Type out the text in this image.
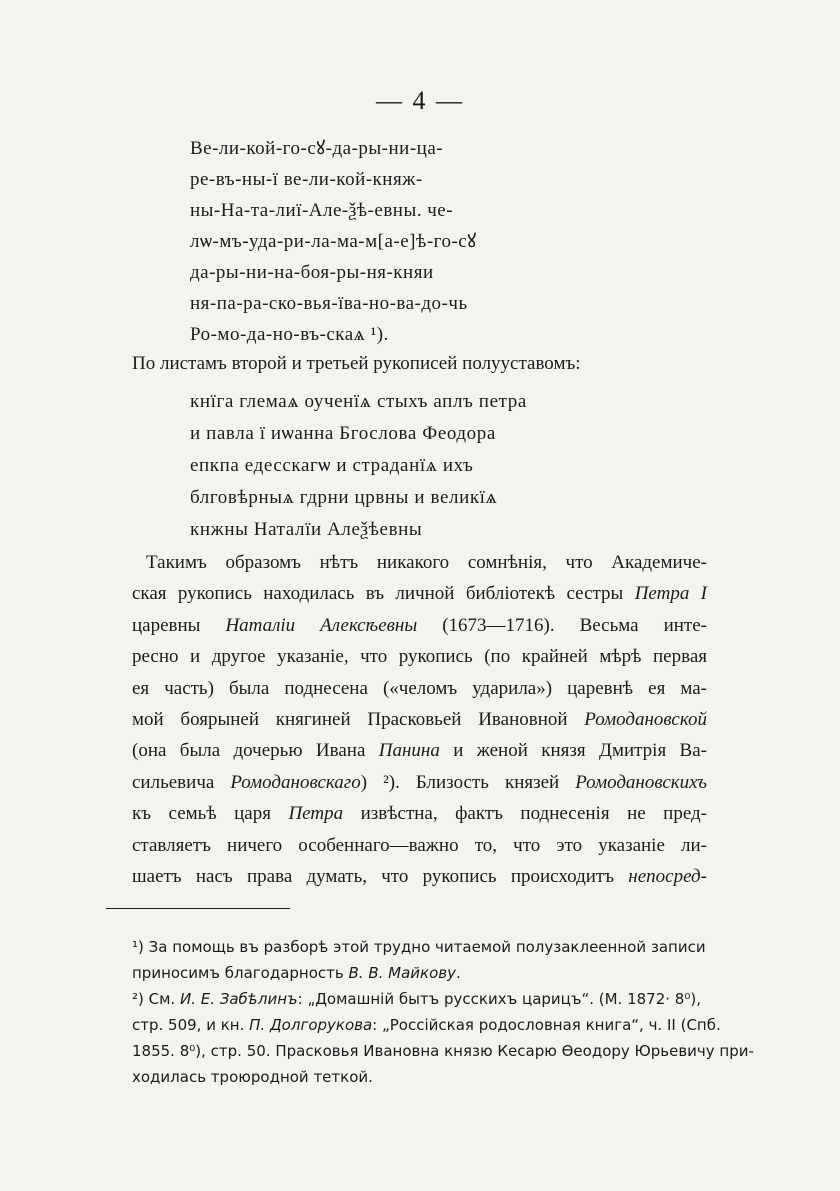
— 4 —
Ве-ли-кой-го-сꙋ-да-ры-ни-ца-
ре-въ-ны-ї ве-ли-кой-княж-
ны-На-та-лиї-Але-ѯѣ-евны. че-
лѡ-мъ-уда-ри-ла-ма-м[а-е]ѣ-го-сꙋ
да-ры-ни-на-боя-ры-ня-княи
ня-па-ра-ско-вья-їва-но-ва-до-чь
Ро-мо-да-но-въ-ска⁠ѧ ¹).
По листамъ второй и третьей рукописей полууставомъ:
кнїга глемаѧ оученїѧ стыхъ аплъ петра
и павла ї иѡанна Бгослова Феодора
епкпа едесскагѡ и страданїѧ ихъ
блговѣрныѧ гдрни црвны и великїѧ
кнжны Наталїи Алеѯѣевны
Такимъ образомъ нѣтъ никакого сомнѣнія, что Академиче-
ская рукопись находилась въ личной библіотекѣ сестры Петра I
царевны Наталіи Алексѣевны (1673—1716). Весьма инте-
ресно и другое указаніе, что рукопись (по крайней мѣрѣ первая
ея часть) была поднесена («челомъ ударила») царевнѣ ея ма-
мой боярыней княгиней Прасковьей Ивановной Ромодановской
(она была дочерью Ивана Панина и женой князя Дмитрія Ва-
сильевича Ромодановскаго) ²). Близость князей Ромодановскихъ
къ семьѣ царя Петра извѣстна, фактъ поднесенія не пред-
ставляетъ ничего особеннаго—важно то, что это указаніе ли-
шаетъ насъ права думать, что рукопись происходитъ непосред-
¹) За помощь въ разборѣ этой трудно читаемой полузаклеенной записи
приносимъ благодарность В. В. Майкову.
²) См. И. Е. Забѣлинъ: „Домашній бытъ русскихъ царицъ“. (М. 1872· 8⁰),
стр. 509, и кн. П. Долгорукова: „Россійская родословная книга“, ч. II (Спб.
1855. 8⁰), стр. 50. Прасковья Ивановна князю Кесарю Ѳеодору Юрьевичу при-
ходилась троюродной теткой.
